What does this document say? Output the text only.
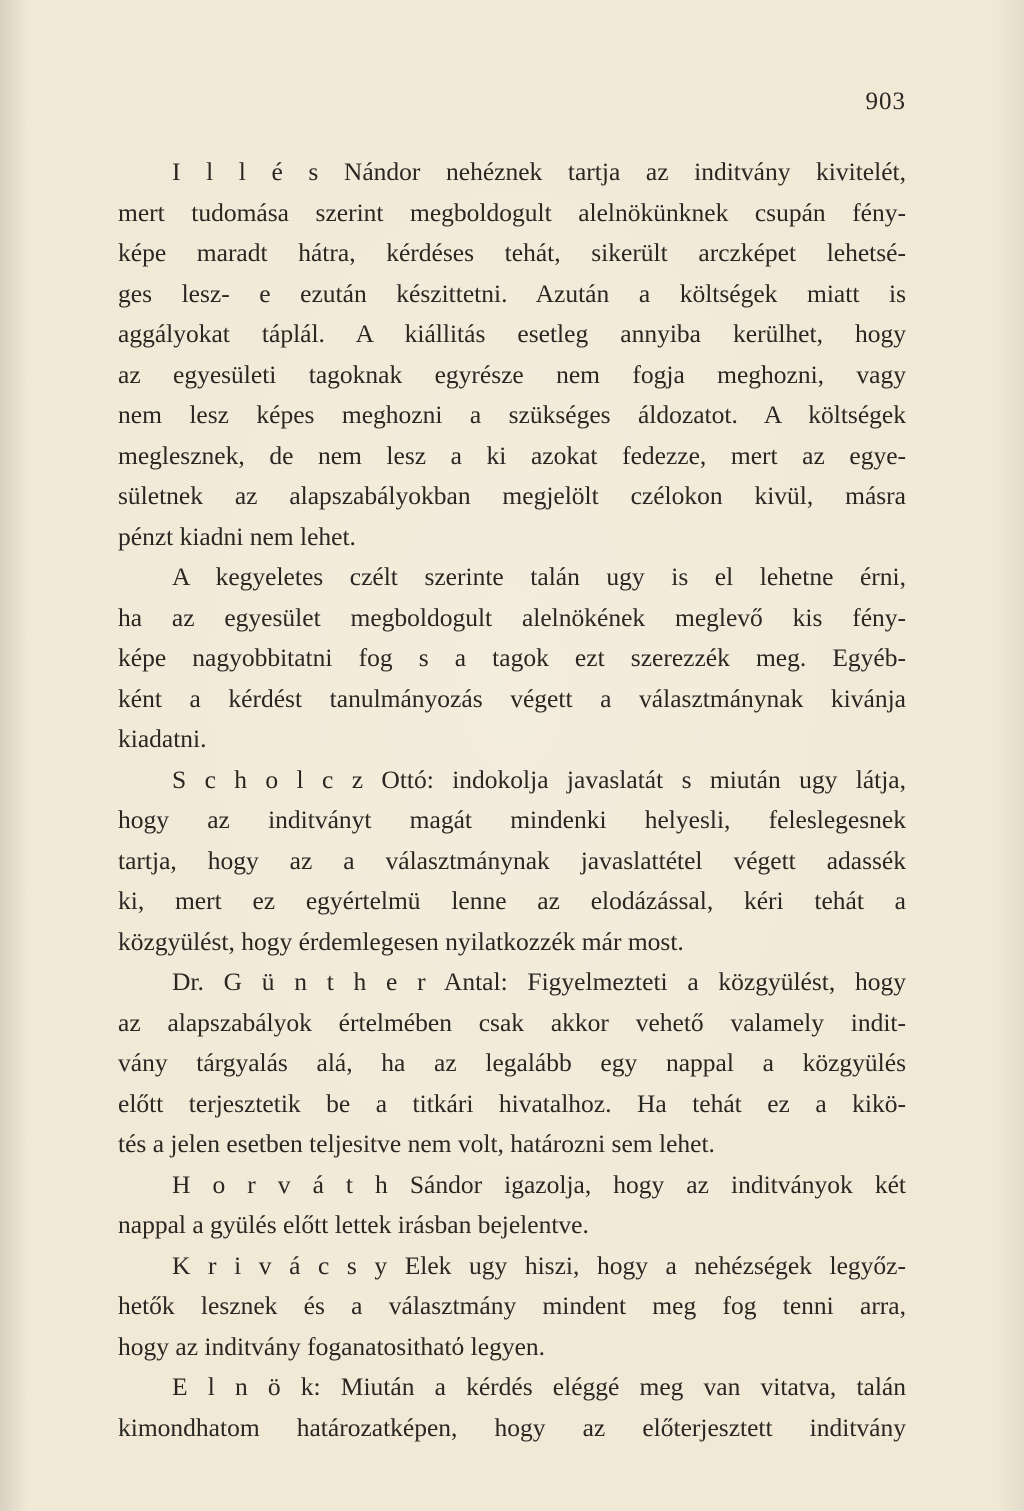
903
I l l é s Nándor nehéznek tartja az inditvány kivitelét,
mert tudomása szerint megboldogult alelnökünknek csupán fény-
képe maradt hátra, kérdéses tehát, sikerült arczképet lehetsé-
ges lesz- e ezután készittetni. Azután a költségek miatt is
aggályokat táplál. A kiállitás esetleg annyiba kerülhet, hogy
az egyesületi tagoknak egyrésze nem fogja meghozni, vagy
nem lesz képes meghozni a szükséges áldozatot. A költségek
meglesznek, de nem lesz a ki azokat fedezze, mert az egye-
sületnek az alapszabályokban megjelölt czélokon kivül, másra
pénzt kiadni nem lehet.
A kegyeletes czélt szerinte talán ugy is el lehetne érni,
ha az egyesület megboldogult alelnökének meglevő kis fény-
képe nagyobbitatni fog s a tagok ezt szerezzék meg. Egyéb-
ként a kérdést tanulmányozás végett a választmánynak kivánja
kiadatni.
S c h o l c z Ottó: indokolja javaslatát s miután ugy látja,
hogy az inditványt magát mindenki helyesli, feleslegesnek
tartja, hogy az a választmánynak javaslattétel végett adassék
ki, mert ez egyértelmü lenne az elodázással, kéri tehát a
közgyülést, hogy érdemlegesen nyilatkozzék már most.
Dr. G ü n t h e r Antal: Figyelmezteti a közgyülést, hogy
az alapszabályok értelmében csak akkor vehető valamely indit-
vány tárgyalás alá, ha az legalább egy nappal a közgyülés
előtt terjesztetik be a titkári hivatalhoz. Ha tehát ez a kikö-
tés a jelen esetben teljesitve nem volt, határozni sem lehet.
H o r v á t h Sándor igazolja, hogy az inditványok két
nappal a gyülés előtt lettek irásban bejelentve.
K r i v á c s y Elek ugy hiszi, hogy a nehézségek legyőz-
hetők lesznek és a választmány mindent meg fog tenni arra,
hogy az inditvány foganatosithatό legyen.
E l n ö k: Miután a kérdés eléggé meg van vitatva, talán
kimondhatom határozatképen, hogy az előterjesztett inditvány
